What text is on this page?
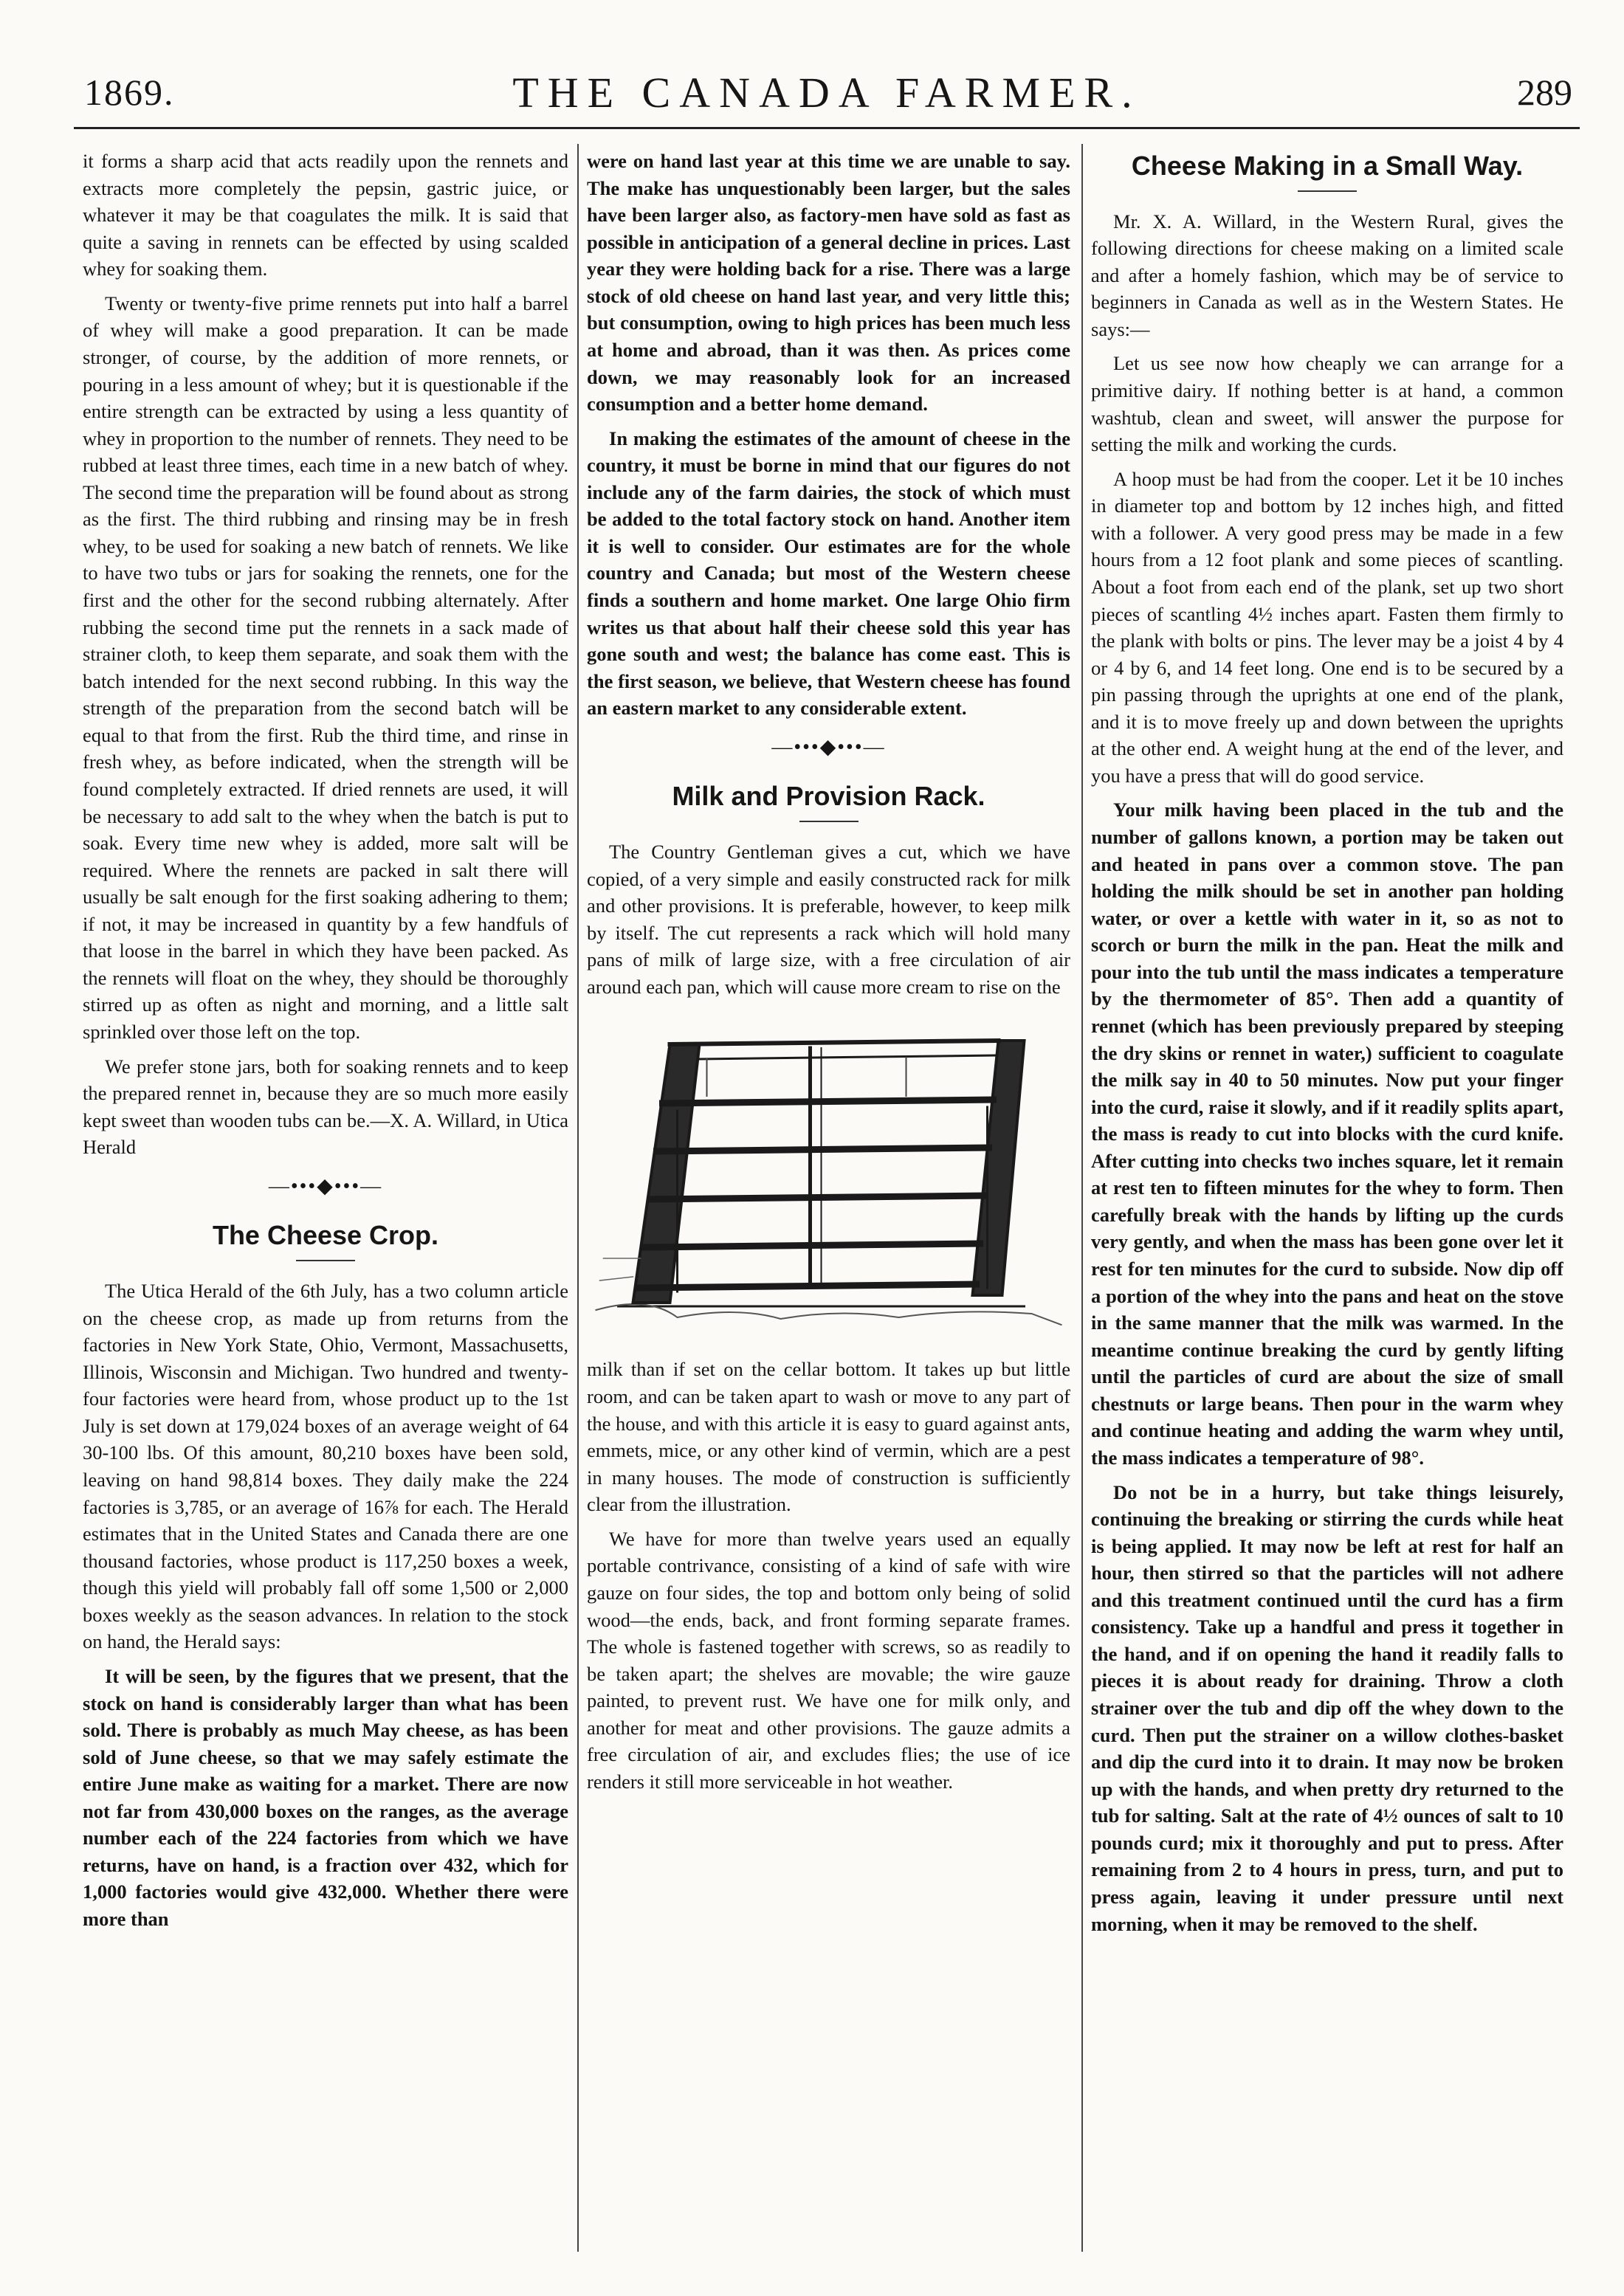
1869.	THE CANADA FARMER.	289

it forms a sharp acid that acts readily upon the rennets and extracts more completely the pepsin, gastric juice, or whatever it may be that coagulates the milk. It is said that quite a saving in rennets can be effected by using scalded whey for soaking them.

Twenty or twenty-five prime rennets put into half a barrel of whey will make a good preparation. It can be made stronger, of course, by the addition of more rennets, or pouring in a less amount of whey; but it is questionable if the entire strength can be extracted by using a less quantity of whey in proportion to the number of rennets. They need to be rubbed at least three times, each time in a new batch of whey. The second time the preparation will be found about as strong as the first. The third rubbing and rinsing may be in fresh whey, to be used for soaking a new batch of rennets. We like to have two tubs or jars for soaking the rennets, one for the first and the other for the second rubbing alternately. After rubbing the second time put the rennets in a sack made of strainer cloth, to keep them separate, and soak them with the batch intended for the next second rubbing. In this way the strength of the preparation from the second batch will be equal to that from the first. Rub the third time, and rinse in fresh whey, as before indicated, when the strength will be found completely extracted. If dried rennets are used, it will be necessary to add salt to the whey when the batch is put to soak. Every time new whey is added, more salt will be required. Where the rennets are packed in salt there will usually be salt enough for the first soaking adhering to them; if not, it may be increased in quantity by a few handfuls of that loose in the barrel in which they have been packed. As the rennets will float on the whey, they should be thoroughly stirred up as often as night and morning, and a little salt sprinkled over those left on the top.

We prefer stone jars, both for soaking rennets and to keep the prepared rennet in, because they are so much more easily kept sweet than wooden tubs can be.—X. A. Willard, in Utica Herald

—•••◆•••—
The Cheese Crop.

The Utica Herald of the 6th July, has a two column article on the cheese crop, as made up from returns from the factories in New York State, Ohio, Vermont, Massachusetts, Illinois, Wisconsin and Michigan. Two hundred and twenty-four factories were heard from, whose product up to the 1st July is set down at 179,024 boxes of an average weight of 64 30-100 lbs. Of this amount, 80,210 boxes have been sold, leaving on hand 98,814 boxes. They daily make the 224 factories is 3,785, or an average of 16⅞ for each. The Herald estimates that in the United States and Canada there are one thousand factories, whose product is 117,250 boxes a week, though this yield will probably fall off some 1,500 or 2,000 boxes weekly as the season advances. In relation to the stock on hand, the Herald says:

It will be seen, by the figures that we present, that the stock on hand is considerably larger than what has been sold. There is probably as much May cheese, as has been sold of June cheese, so that we may safely estimate the entire June make as waiting for a market. There are now not far from 430,000 boxes on the ranges, as the average number each of the 224 factories from which we have returns, have on hand, is a fraction over 432, which for 1,000 factories would give 432,000. Whether there were more than

were on hand last year at this time we are unable to say. The make has unquestionably been larger, but the sales have been larger also, as factory-men have sold as fast as possible in anticipation of a general decline in prices. Last year they were holding back for a rise. There was a large stock of old cheese on hand last year, and very little this; but consumption, owing to high prices has been much less at home and abroad, than it was then. As prices come down, we may reasonably look for an increased consumption and a better home demand.

In making the estimates of the amount of cheese in the country, it must be borne in mind that our figures do not include any of the farm dairies, the stock of which must be added to the total factory stock on hand. Another item it is well to consider. Our estimates are for the whole country and Canada; but most of the Western cheese finds a southern and home market. One large Ohio firm writes us that about half their cheese sold this year has gone south and west; the balance has come east. This is the first season, we believe, that Western cheese has found an eastern market to any considerable extent.

—•••◆•••—
Milk and Provision Rack.

The Country Gentleman gives a cut, which we have copied, of a very simple and easily constructed rack for milk and other provisions. It is preferable, however, to keep milk by itself. The cut represents a rack which will hold many pans of milk of large size, with a free circulation of air around each pan, which will cause more cream to rise on the

milk than if set on the cellar bottom. It takes up but little room, and can be taken apart to wash or move to any part of the house, and with this article it is easy to guard against ants, emmets, mice, or any other kind of vermin, which are a pest in many houses. The mode of construction is sufficiently clear from the illustration.

We have for more than twelve years used an equally portable contrivance, consisting of a kind of safe with wire gauze on four sides, the top and bottom only being of solid wood—the ends, back, and front forming separate frames. The whole is fastened together with screws, so as readily to be taken apart; the shelves are movable; the wire gauze painted, to prevent rust. We have one for milk only, and another for meat and other provisions. The gauze admits a free circulation of air, and excludes flies; the use of ice renders it still more serviceable in hot weather.

Cheese Making in a Small Way.

Mr. X. A. Willard, in the Western Rural, gives the following directions for cheese making on a limited scale and after a homely fashion, which may be of service to beginners in Canada as well as in the Western States. He says:—

Let us see now how cheaply we can arrange for a primitive dairy. If nothing better is at hand, a common washtub, clean and sweet, will answer the purpose for setting the milk and working the curds.

A hoop must be had from the cooper. Let it be 10 inches in diameter top and bottom by 12 inches high, and fitted with a follower. A very good press may be made in a few hours from a 12 foot plank and some pieces of scantling. About a foot from each end of the plank, set up two short pieces of scantling 4½ inches apart. Fasten them firmly to the plank with bolts or pins. The lever may be a joist 4 by 4 or 4 by 6, and 14 feet long. One end is to be secured by a pin passing through the uprights at one end of the plank, and it is to move freely up and down between the uprights at the other end. A weight hung at the end of the lever, and you have a press that will do good service.

Your milk having been placed in the tub and the number of gallons known, a portion may be taken out and heated in pans over a common stove. The pan holding the milk should be set in another pan holding water, or over a kettle with water in it, so as not to scorch or burn the milk in the pan. Heat the milk and pour into the tub until the mass indicates a temperature by the thermometer of 85°. Then add a quantity of rennet (which has been previously prepared by steeping the dry skins or rennet in water,) sufficient to coagulate the milk say in 40 to 50 minutes. Now put your finger into the curd, raise it slowly, and if it readily splits apart, the mass is ready to cut into blocks with the curd knife. After cutting into checks two inches square, let it remain at rest ten to fifteen minutes for the whey to form. Then carefully break with the hands by lifting up the curds very gently, and when the mass has been gone over let it rest for ten minutes for the curd to subside. Now dip off a portion of the whey into the pans and heat on the stove in the same manner that the milk was warmed. In the meantime continue breaking the curd by gently lifting until the particles of curd are about the size of small chestnuts or large beans. Then pour in the warm whey and continue heating and adding the warm whey until, the mass indicates a temperature of 98°.

Do not be in a hurry, but take things leisurely, continuing the breaking or stirring the curds while heat is being applied. It may now be left at rest for half an hour, then stirred so that the particles will not adhere and this treatment continued until the curd has a firm consistency. Take up a handful and press it together in the hand, and if on opening the hand it readily falls to pieces it is about ready for draining. Throw a cloth strainer over the tub and dip off the whey down to the curd. Then put the strainer on a willow clothes-basket and dip the curd into it to drain. It may now be broken up with the hands, and when pretty dry returned to the tub for salting. Salt at the rate of 4½ ounces of salt to 10 pounds curd; mix it thoroughly and put to press. After remaining from 2 to 4 hours in press, turn, and put to press again, leaving it under pressure until next morning, when it may be removed to the shelf.
